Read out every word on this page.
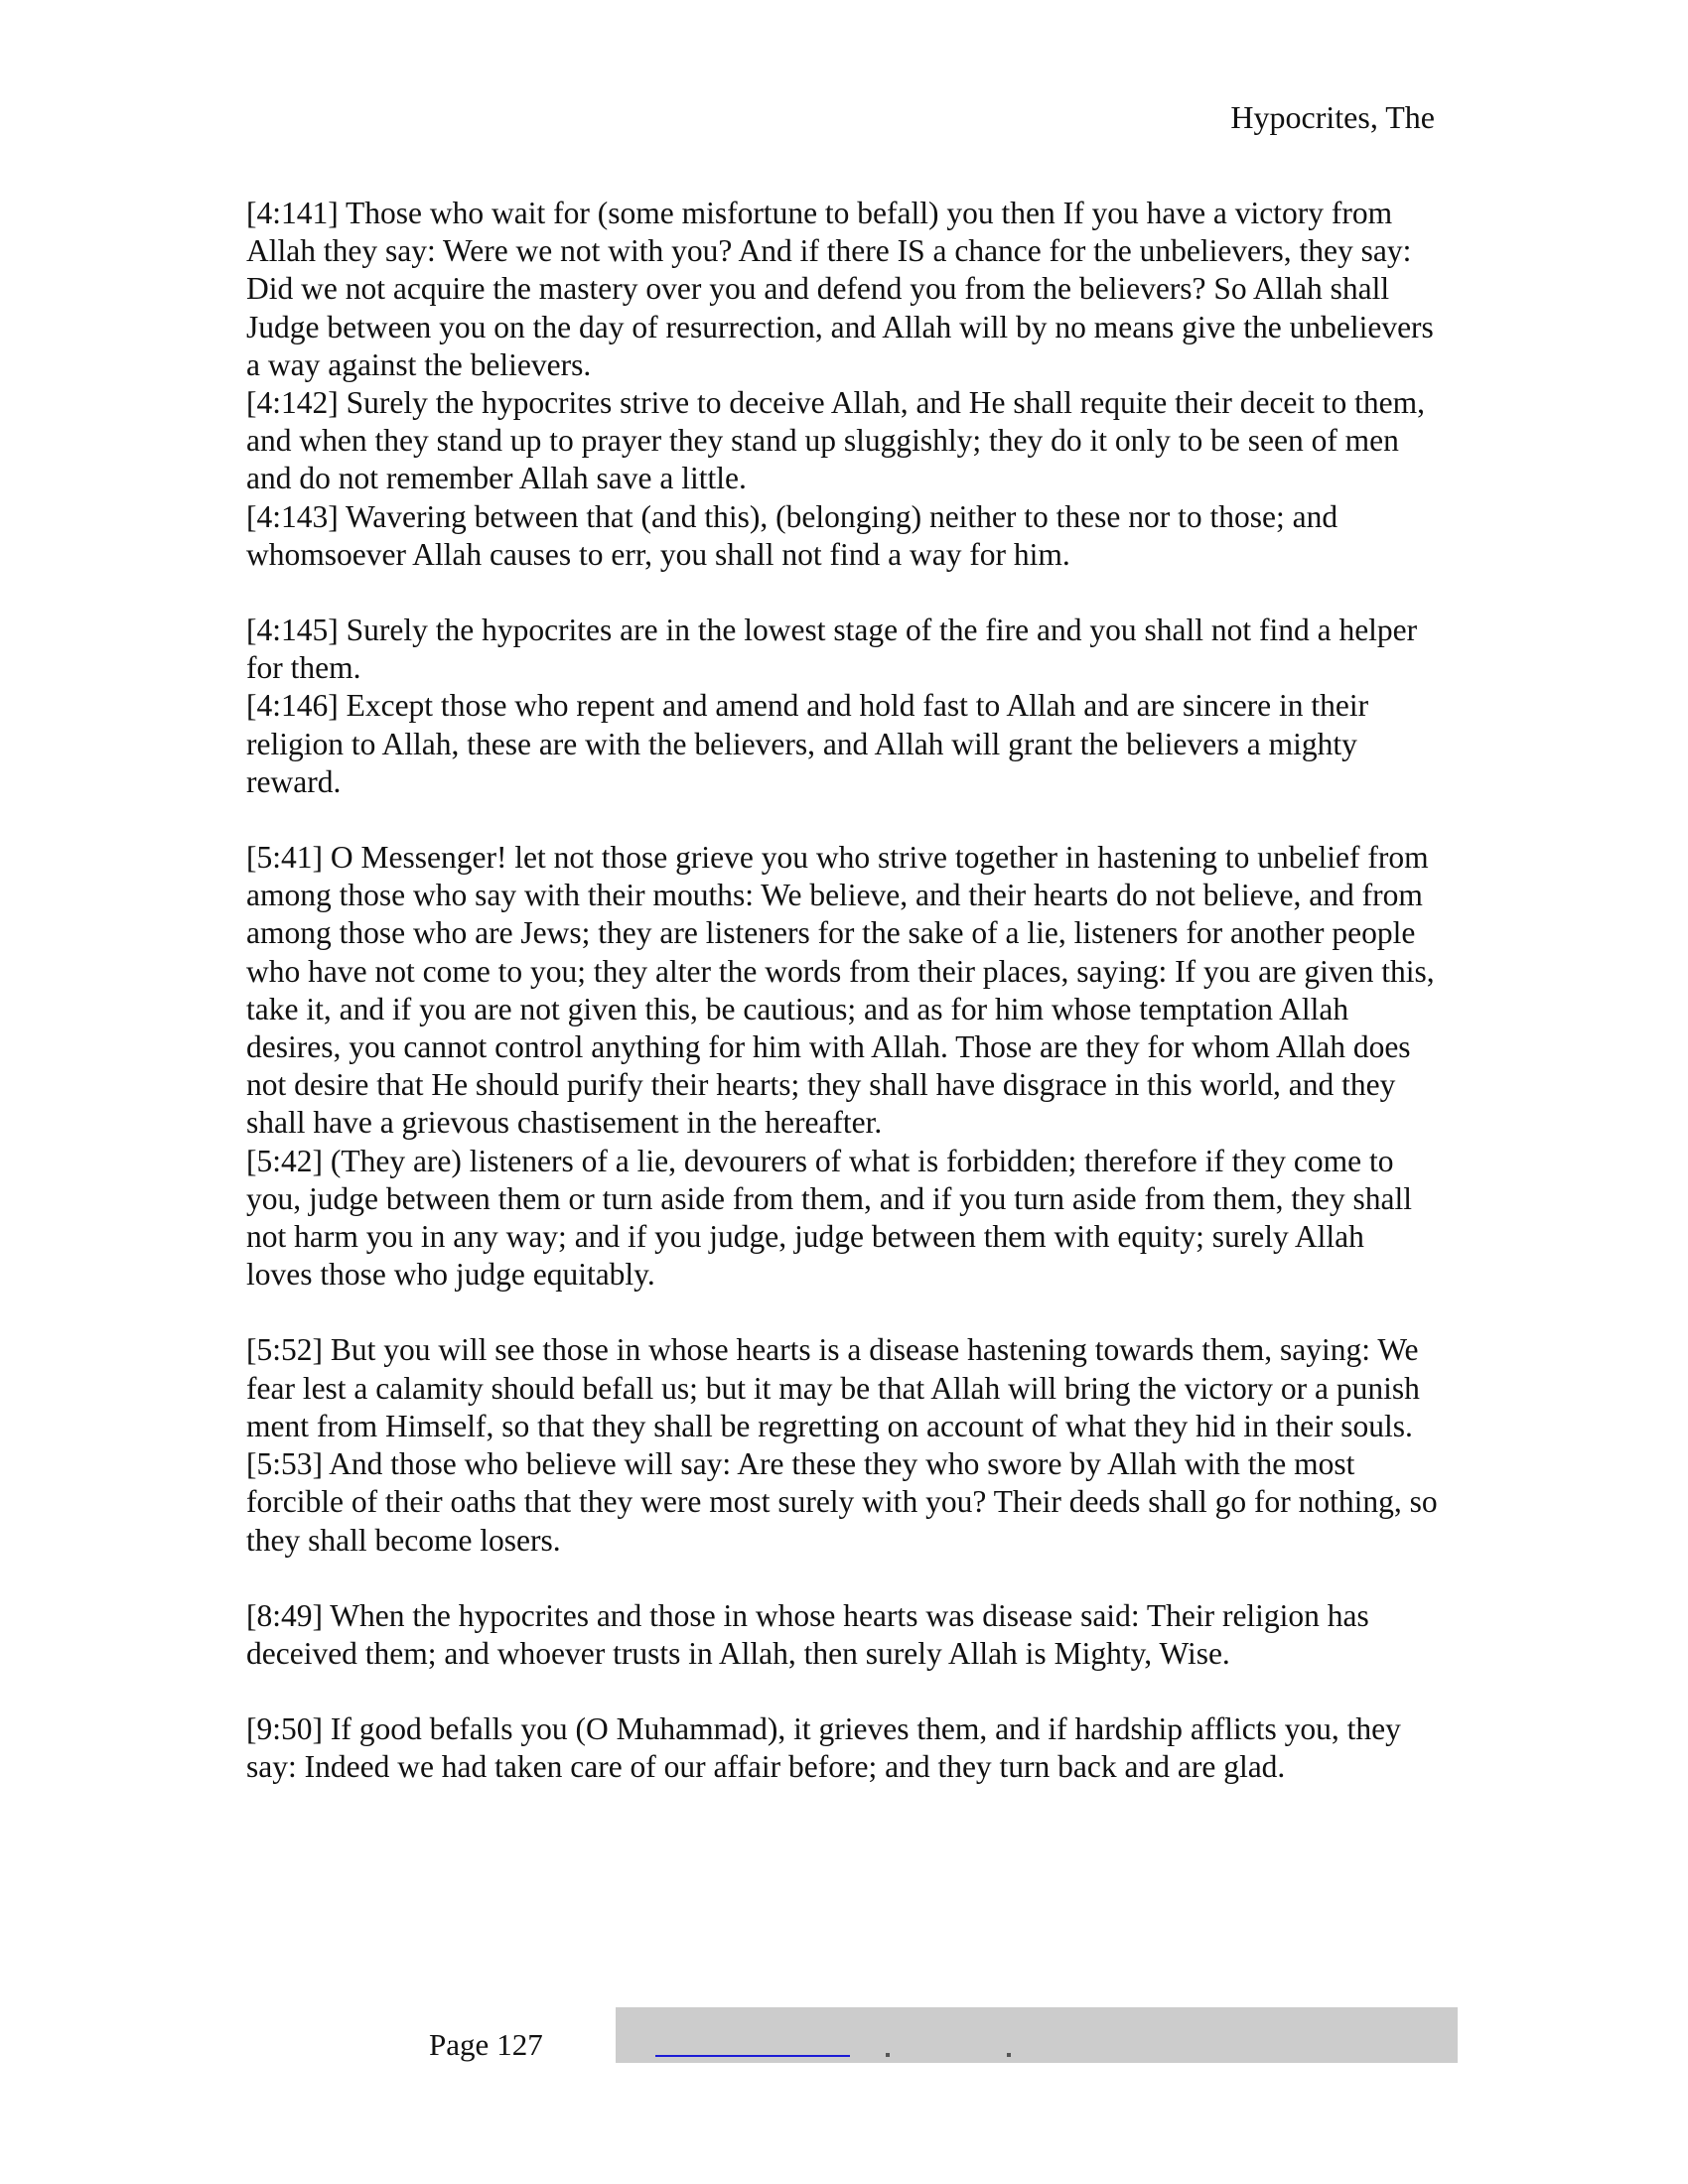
Hypocrites, The

[4:141] Those who wait for (some misfortune to befall) you then If you have a victory from Allah they say: Were we not with you? And if there IS a chance for the unbelievers, they say: Did we not acquire the mastery over you and defend you from the believers? So Allah shall Judge between you on the day of resurrection, and Allah will by no means give the unbelievers a way against the believers.

[4:142] Surely the hypocrites strive to deceive Allah, and He shall requite their deceit to them, and when they stand up to prayer they stand up sluggishly; they do it only to be seen of men and do not remember Allah save a little.

[4:143] Wavering between that (and this), (belonging) neither to these nor to those; and whomsoever Allah causes to err, you shall not find a way for him.

[4:145] Surely the hypocrites are in the lowest stage of the fire and you shall not find a helper for them.

[4:146] Except those who repent and amend and hold fast to Allah and are sincere in their religion to Allah, these are with the believers, and Allah will grant the believers a mighty reward.

[5:41] O Messenger! let not those grieve you who strive together in hastening to unbelief from among those who say with their mouths: We believe, and their hearts do not believe, and from among those who are Jews; they are listeners for the sake of a lie, listeners for another people who have not come to you; they alter the words from their places, saying: If you are given this, take it, and if you are not given this, be cautious; and as for him whose temptation Allah desires, you cannot control anything for him with Allah. Those are they for whom Allah does not desire that He should purify their hearts; they shall have disgrace in this world, and they shall have a grievous chastisement in the hereafter.

[5:42] (They are) listeners of a lie, devourers of what is forbidden; therefore if they come to you, judge between them or turn aside from them, and if you turn aside from them, they shall not harm you in any way; and if you judge, judge between them with equity; surely Allah loves those who judge equitably.

[5:52] But you will see those in whose hearts is a disease hastening towards them, saying: We fear lest a calamity should befall us; but it may be that Allah will bring the victory or a punish ment from Himself, so that they shall be regretting on account of what they hid in their souls.

[5:53] And those who believe will say: Are these they who swore by Allah with the most forcible of their oaths that they were most surely with you? Their deeds shall go for nothing, so they shall become losers.

[8:49] When the hypocrites and those in whose hearts was disease said: Their religion has deceived them; and whoever trusts in Allah, then surely Allah is Mighty, Wise.

[9:50] If good befalls you (O Muhammad), it grieves them, and if hardship afflicts you, they say: Indeed we had taken care of our affair before; and they turn back and are glad.

Page 127
